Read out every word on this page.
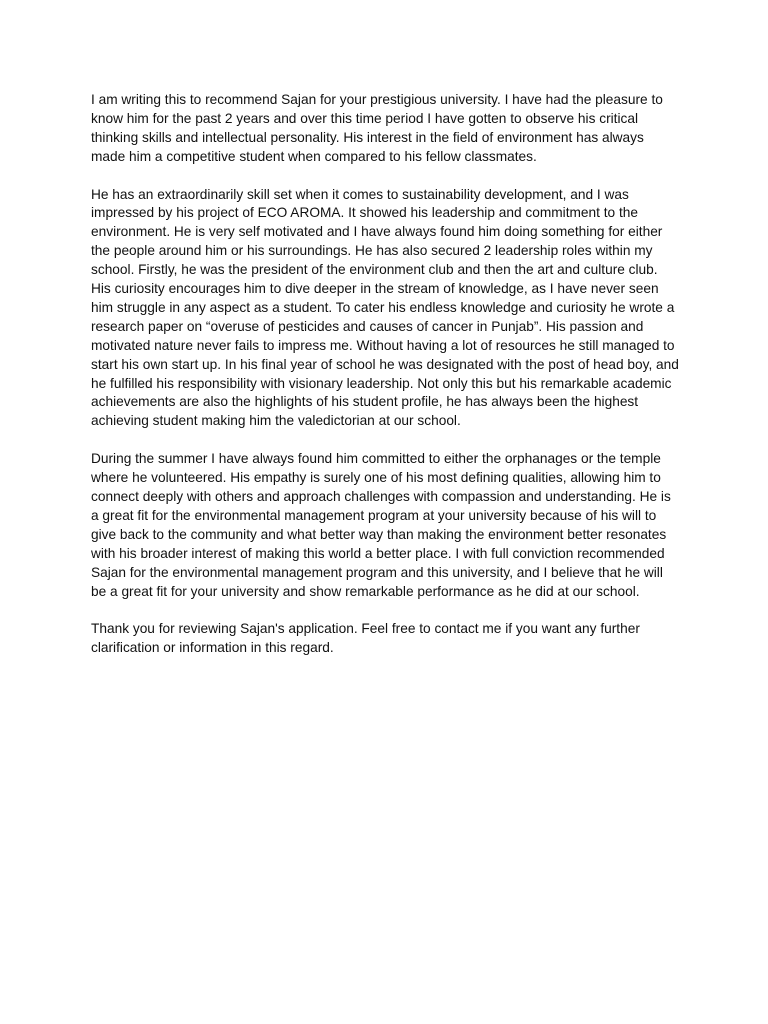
I am writing this to recommend Sajan for your prestigious university. I have had the pleasure to know him for the past 2 years and over this time period I have gotten to observe his critical thinking skills and intellectual personality. His interest in the field of environment has always made him a competitive student when compared to his fellow classmates.

He has an extraordinarily skill set when it comes to sustainability development, and I was impressed by his project of ECO AROMA. It showed his leadership and commitment to the environment. He is very self motivated and I have always found him doing something for either the people around him or his surroundings. He has also secured 2 leadership roles within my school. Firstly, he was the president of the environment club and then the art and culture club. His curiosity encourages him to dive deeper in the stream of knowledge, as I have never seen him struggle in any aspect as a student. To cater his endless knowledge and curiosity he wrote a research paper on “overuse of pesticides and causes of cancer in Punjab”. His passion and motivated nature never fails to impress me. Without having a lot of resources he still managed to start his own start up. In his final year of school he was designated with the post of head boy, and he fulfilled his responsibility with visionary leadership. Not only this but his remarkable academic achievements are also the highlights of his student profile, he has always been the highest achieving student making him the valedictorian at our school.

During the summer I have always found him committed to either the orphanages or the temple where he volunteered. His empathy is surely one of his most defining qualities, allowing him to connect deeply with others and approach challenges with compassion and understanding. He is a great fit for the environmental management program at your university because of his will to give back to the community and what better way than making the environment better resonates with his broader interest of making this world a better place. I with full conviction recommended Sajan for the environmental management program and this university, and I believe that he will be a great fit for your university and show remarkable performance as he did at our school.

Thank you for reviewing Sajan's application. Feel free to contact me if you want any further clarification or information in this regard.
